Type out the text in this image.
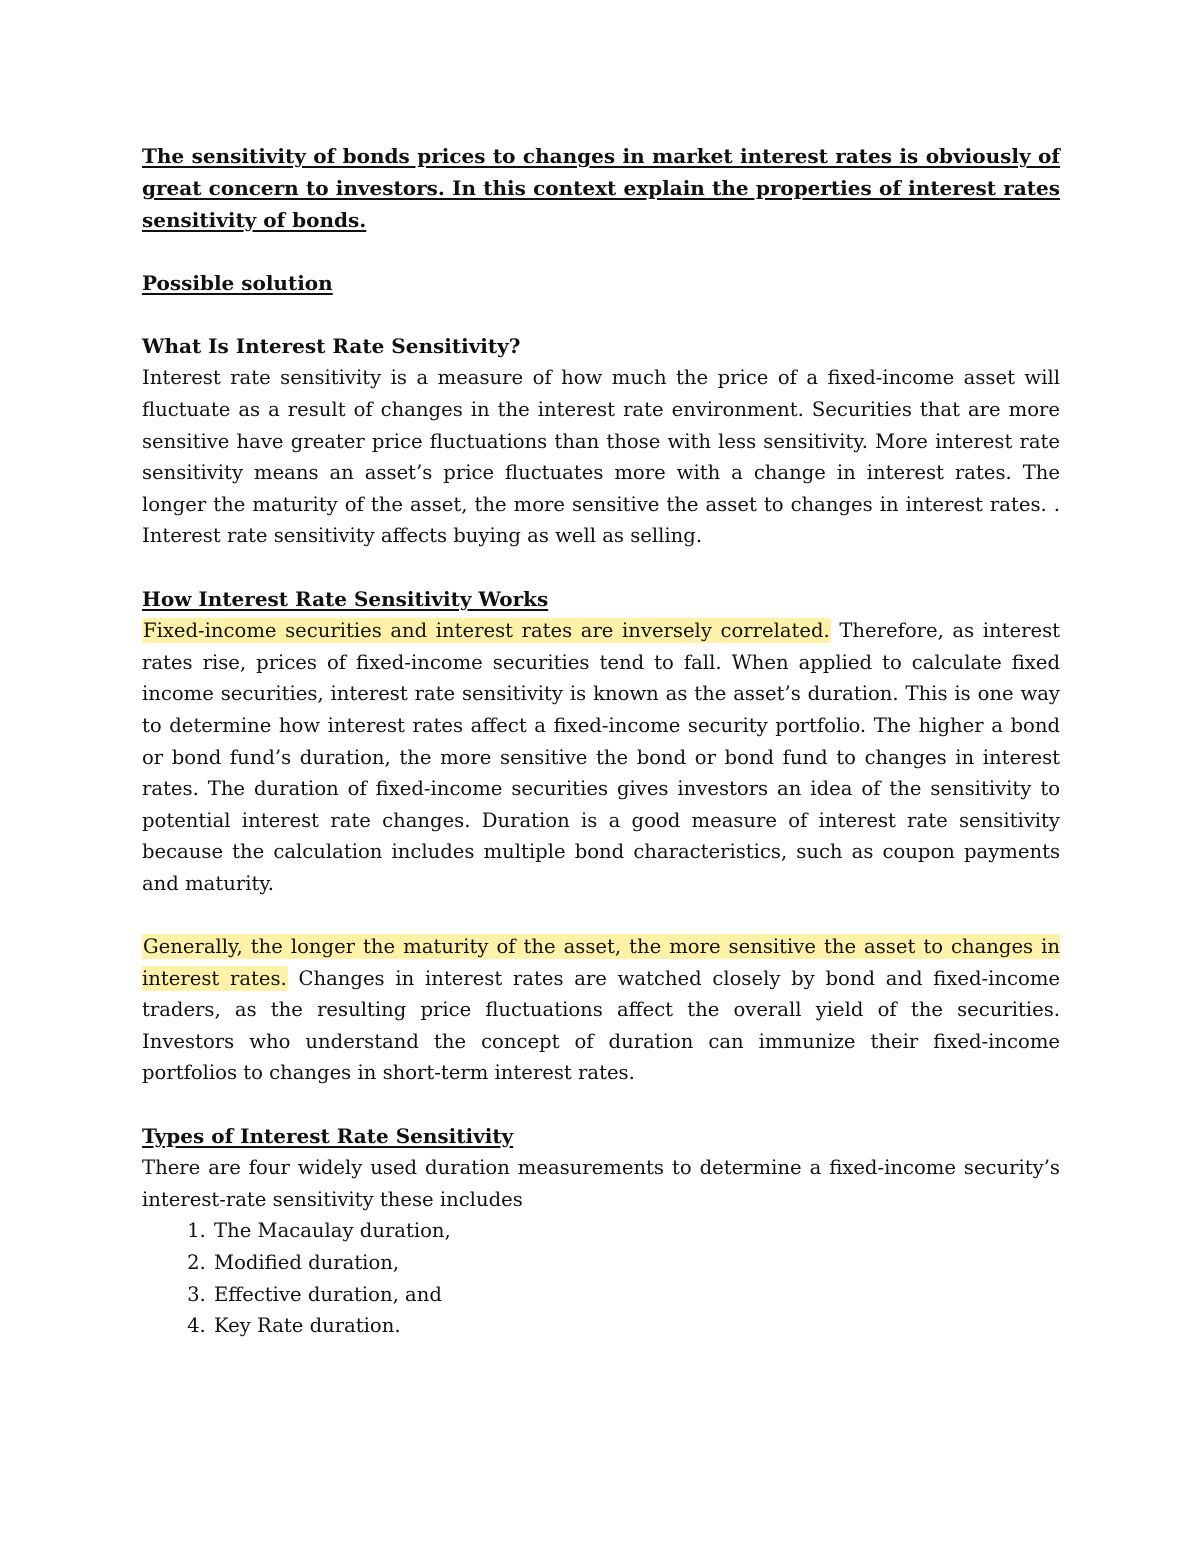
The sensitivity of bonds prices to changes in market interest rates is obviously of great concern to investors. In this context explain the properties of interest rates sensitivity of bonds.

Possible solution

What Is Interest Rate Sensitivity?

Interest rate sensitivity is a measure of how much the price of a fixed-income asset will fluctuate as a result of changes in the interest rate environment. Securities that are more sensitive have greater price fluctuations than those with less sensitivity. More interest rate sensitivity means an asset’s price fluctuates more with a change in interest rates. The longer the maturity of the asset, the more sensitive the asset to changes in interest rates. . Interest rate sensitivity affects buying as well as selling.

How Interest Rate Sensitivity Works

Fixed-income securities and interest rates are inversely correlated. Therefore, as interest rates rise, prices of fixed-income securities tend to fall. When applied to calculate fixed income securities, interest rate sensitivity is known as the asset’s duration. This is one way to determine how interest rates affect a fixed-income security portfolio. The higher a bond or bond fund’s duration, the more sensitive the bond or bond fund to changes in interest rates. The duration of fixed-income securities gives investors an idea of the sensitivity to potential interest rate changes. Duration is a good measure of interest rate sensitivity because the calculation includes multiple bond characteristics, such as coupon payments and maturity.

Generally, the longer the maturity of the asset, the more sensitive the asset to changes in interest rates. Changes in interest rates are watched closely by bond and fixed-income traders, as the resulting price fluctuations affect the overall yield of the securities. Investors who understand the concept of duration can immunize their fixed-income portfolios to changes in short-term interest rates.

Types of Interest Rate Sensitivity

There are four widely used duration measurements to determine a fixed-income security’s interest-rate sensitivity these includes

1. The Macaulay duration,
2. Modified duration,
3. Effective duration, and
4. Key Rate duration.
